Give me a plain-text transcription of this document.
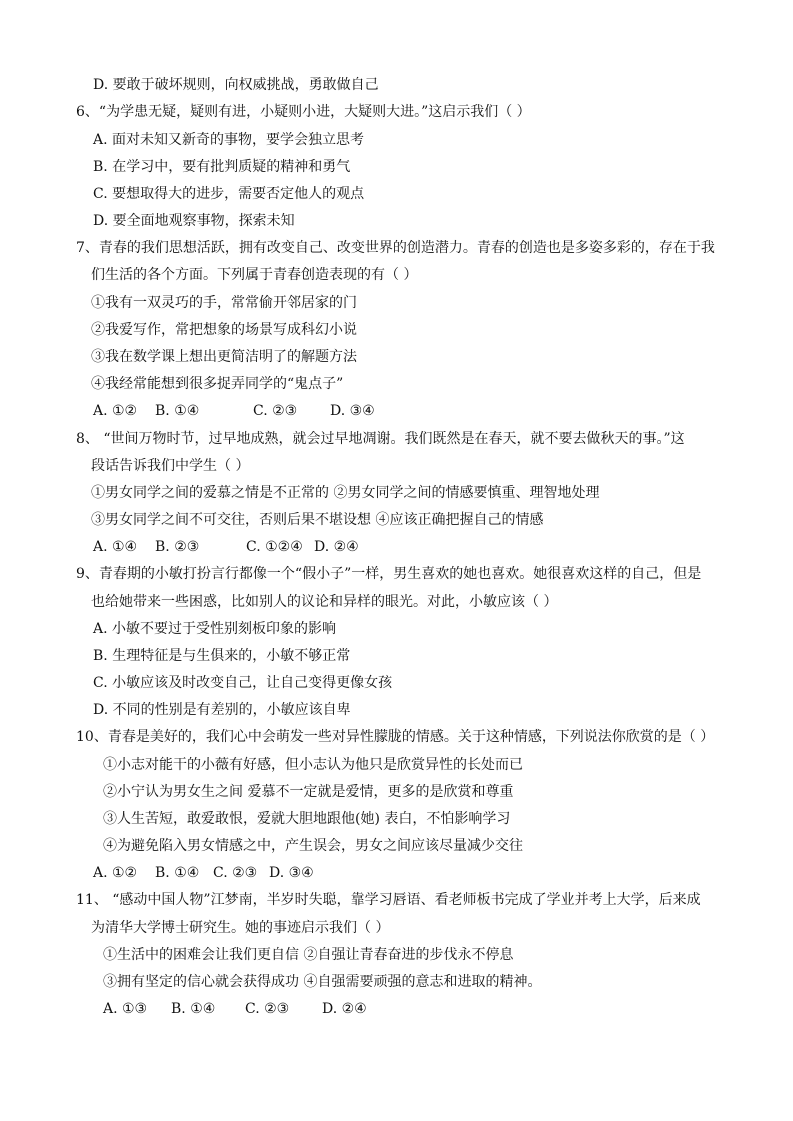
D. 要敢于破坏规则，向权威挑战，勇敢做自己
6、“为学患无疑，疑则有进，小疑则小进，大疑则大进。”这启示我们（ ）
A. 面对未知又新奇的事物，要学会独立思考
B. 在学习中，要有批判质疑的精神和勇气
C. 要想取得大的进步，需要否定他人的观点
D. 要全面地观察事物，探索未知
7、青春的我们思想活跃，拥有改变自己、改变世界的创造潜力。青春的创造也是多姿多彩的，存在于我
们生活的各个方面。下列属于青春创造表现的有（ ）
①我有一双灵巧的手，常常偷开邻居家的门
②我爱写作，常把想象的场景写成科幻小说
③我在数学课上想出更简洁明了的解题方法
④我经常能想到很多捉弄同学的“鬼点子”
A. ①② B. ①④	C. ②③ D. ③④
8、 “世间万物时节，过早地成熟，就会过早地凋谢。我们既然是在春天，就不要去做秋天的事。”这
段话告诉我们中学生（ ）
①男女同学之间的爱慕之情是不正常的 ②男女同学之间的情感要慎重、理智地处理
③男女同学之间不可交往，否则后果不堪设想 ④应该正确把握自己的情感
A. ①④ B. ②③	C. ①②④ D. ②④
9、青春期的小敏打扮言行都像一个“假小子”一样，男生喜欢的她也喜欢。她很喜欢这样的自己，但是
也给她带来一些困惑，比如别人的议论和异样的眼光。对此，小敏应该（ ）
A. 小敏不要过于受性别刻板印象的影响
B. 生理特征是与生俱来的，小敏不够正常
C. 小敏应该及时改变自己，让自己变得更像女孩
D. 不同的性别是有差别的，小敏应该自卑
10、青春是美好的，我们心中会萌发一些对异性朦胧的情感。关于这种情感，下列说法你欣赏的是（ ）
①小志对能干的小薇有好感，但小志认为他只是欣赏异性的长处而已
②小宁认为男女生之间 爱慕不一定就是爱情，更多的是欣赏和尊重
③人生苦短，敢爱敢恨，爱就大胆地跟他(她) 表白，不怕影响学习
④为避免陷入男女情感之中，产生误会，男女之间应该尽量减少交往
A. ①② B. ①④ C. ②③ D. ③④
11、 “感动中国人物”江梦南，半岁时失聪，靠学习唇语、看老师板书完成了学业并考上大学，后来成
为清华大学博士研究生。她的事迹启示我们（ ）
①生活中的困难会让我们更自信 ②自强让青春奋进的步伐永不停息
③拥有坚定的信心就会获得成功 ④自强需要顽强的意志和进取的精神。
A. ①③ B. ①④ C. ②③ D. ②④
